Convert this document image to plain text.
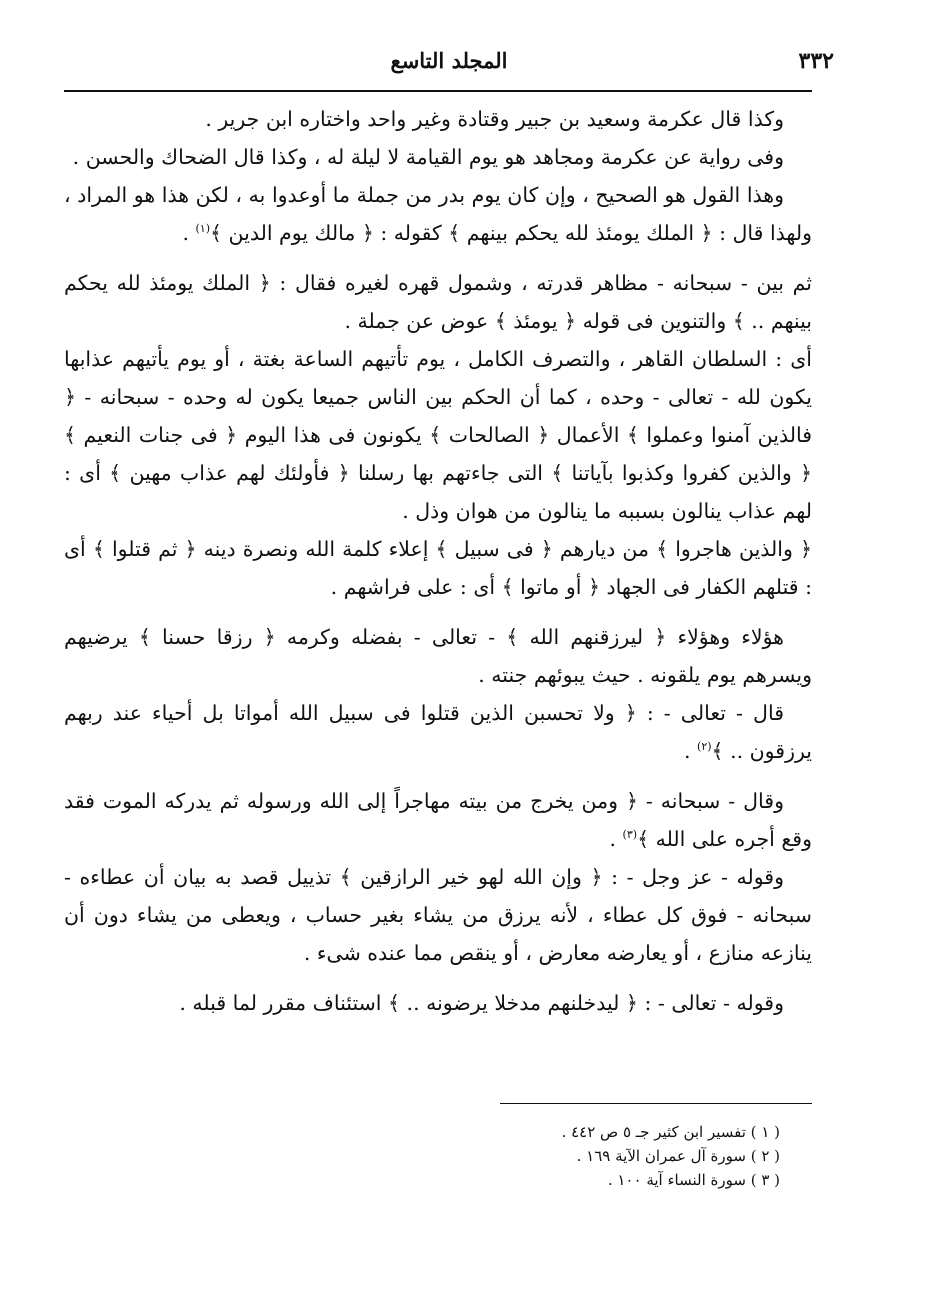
٣٣٢
المجلد التاسع

وكذا قال عكرمة وسعيد بن جبير وقتادة وغير واحد واختاره ابن جرير .

وفى رواية عن عكرمة ومجاهد هو يوم القيامة لا ليلة له ، وكذا قال الضحاك والحسن .

وهذا القول هو الصحيح ، وإن كان يوم بدر من جملة ما أوعدوا به ، لكن هذا هو المراد ، ولهذا قال : ﴿ الملك يومئذ لله يحكم بينهم ﴾ كقوله : ﴿ مالك يوم الدين ﴾$^{(١)}$ .

ثم بين - سبحانه - مظاهر قدرته ، وشمول قهره لغيره فقال : ﴿ الملك يومئذ لله يحكم بينهم .. ﴾ والتنوين فى قوله ﴿ يومئذ ﴾ عوض عن جملة .

أى : السلطان القاهر ، والتصرف الكامل ، يوم تأتيهم الساعة بغتة ، أو يوم يأتيهم عذابها يكون لله - تعالى - وحده ، كما أن الحكم بين الناس جميعا يكون له وحده - سبحانه - ﴿ فالذين آمنوا وعملوا ﴾ الأعمال ﴿ الصالحات ﴾ يكونون فى هذا اليوم ﴿ فى جنات النعيم ﴾ ﴿ والذين كفروا وكذبوا بآياتنا ﴾ التى جاءتهم بها رسلنا ﴿ فأولئك لهم عذاب مهين ﴾ أى : لهم عذاب ينالون بسببه ما ينالون من هوان وذل .

﴿ والذين هاجروا ﴾ من ديارهم ﴿ فى سبيل ﴾ إعلاء كلمة الله ونصرة دينه ﴿ ثم قتلوا ﴾ أى : قتلهم الكفار فى الجهاد ﴿ أو ماتوا ﴾ أى : على فراشهم .

هؤلاء وهؤلاء ﴿ ليرزقنهم الله ﴾ - تعالى - بفضله وكرمه ﴿ رزقا حسنا ﴾ يرضيهم ويسرهم يوم يلقونه . حيث يبوئهم جنته .

قال - تعالى - : ﴿ ولا تحسبن الذين قتلوا فى سبيل الله أمواتا بل أحياء عند ربهم يرزقون .. ﴾$^{(٢)}$ .

وقال - سبحانه - ﴿ ومن يخرج من بيته مهاجراً إلى الله ورسوله ثم يدركه الموت فقد وقع أجره على الله ﴾$^{(٣)}$ .

وقوله - عز وجل - : ﴿ وإن الله لهو خير الرازقين ﴾ تذييل قصد به بيان أن عطاءه - سبحانه - فوق كل عطاء ، لأنه يرزق من يشاء بغير حساب ، ويعطى من يشاء دون أن ينازعه منازع ، أو يعارضه معارض ، أو ينقص مما عنده شىء .

وقوله - تعالى - : ﴿ ليدخلنهم مدخلا يرضونه .. ﴾ استئناف مقرر لما قبله .

( ١ ) تفسير ابن كثير جـ ٥ ص ٤٤٢ .

( ٢ ) سورة آل عمران الآية ١٦٩ .

( ٣ ) سورة النساء آية ١٠٠ .
